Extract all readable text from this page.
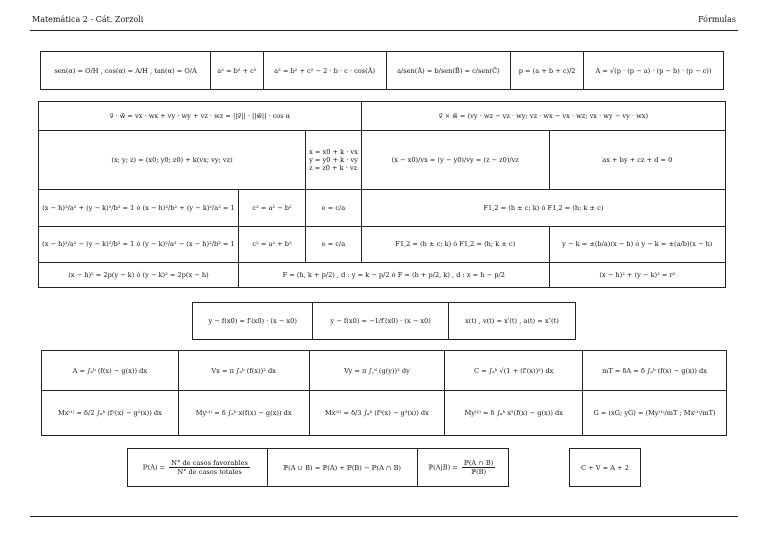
Matemática 2 - Cát. Zorzoli	Fórmulas
sen(α) = O/H , cos(α) = A/H , tan(α) = O/A	a² = b² + c²	a² = b² + c² − 2 · b · c · cos(Â)	a/sen(Â) = b/sen(B̂) = c/sen(Ĉ)	p = (a + b + c)/2	A = √(p · (p − a) · (p − b) · (p − c))
v⃗ · w⃗ = vx · wx + vy · wy + vz · wz = ||v⃗|| · ||w⃗|| · cos α			v⃗ × w⃗ = (vy · wz − vz · wy; vz · wx − vx · wz; vx · wy − vy · wx)	
(x; y; z) = (x0; y0; z0) + k(vx; vy; vz)		x = x0 + k · vx
y = y0 + k · vy
z = z0 + k · vz	(x − x0)/vx = (y − y0)/vy = (z − z0)/vz	ax + by + cz + d = 0
(x − h)²/a² + (y − k)²/b² = 1 ó (x − h)²/b² + (y − k)²/a² = 1	c² = a² − b²	e = c/a	F1,2 = (h ± c; k) ó F1,2 = (h; k ± c)	
(x − h)²/a² − (y − k)²/b² = 1 ó (y − k)²/a² − (x − h)²/b² = 1	c² = a² + b²	e = c/a	F1,2 = (h ± c; k) ó F1,2 = (h; k ± c)	y − k = ±(b/a)(x − h) ó y − k = ±(a/b)(x − h)
(x − h)² = 2p(y − k) ó (y − k)² = 2p(x − h)	F = (h, k + p/2) , d : y = k − p/2 ó F = (h + p/2, k) , d : x = h − p/2			(x − h)² + (y − k)² = r²
y − f(x0) = f′(x0) · (x − x0)	y − f(x0) = −1/f′(x0) · (x − x0)	x(t) , v(t) = x′(t) , a(t) = x″(t)
A = ∫ₐᵇ (f(x) − g(x)) dx	Vx = π ∫ₐᵇ (f(x))² dx	Vy = π ∫꜀ᵈ (g(y))² dy	C = ∫ₐᵇ √(1 + (f′(x))²) dx	mT = δA = δ ∫ₐᵇ (f(x) − g(x)) dx
Mx⁽¹⁾ = δ/2 ∫ₐᵇ (f²(x) − g²(x)) dx	My⁽¹⁾ = δ ∫ₐᵇ x(f(x) − g(x)) dx	Mx⁽²⁾ = δ/3 ∫ₐᵇ (f³(x) − g³(x)) dx	My⁽²⁾ = δ ∫ₐᵇ x²(f(x) − g(x)) dx	G = (xG; yG) = (My⁽¹⁾/mT ; Mx⁽¹⁾/mT)
ℙ(A) = $\frac{\text{N° de casos favorables}}{\text{N° de casos totales}}$	ℙ(A ∪ B) = ℙ(A) + ℙ(B) − ℙ(A ∩ B)	ℙ(A|B) = $\frac{\text{ℙ(A ∩ B)}}{\text{ℙ(B)}}$	C + V = A + 2
